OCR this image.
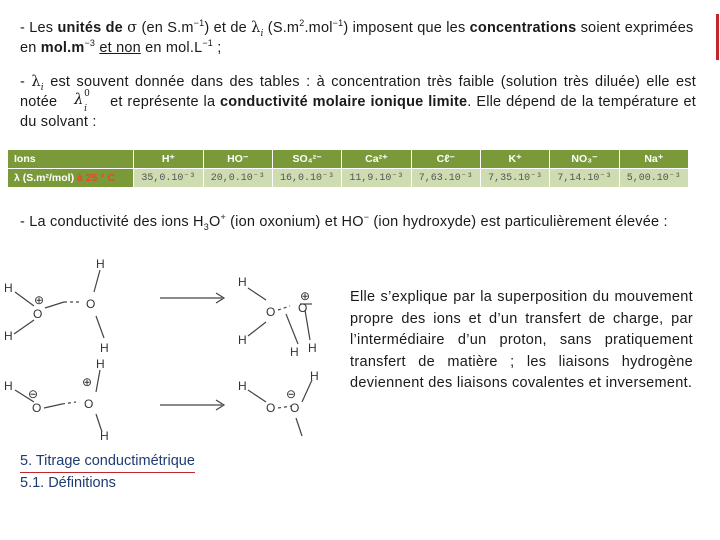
- Les unités de σ (en $S.m^{-1}$) et de $\lambda_i$ $(S.m^2.mol^{-1})$ imposent que les concentrations soient exprimées en $mol.m^{-3}$ et non en $mol.L^{-1}$ ;
- $\lambda_i$ est souvent donnée dans des tables : à concentration très faible (solution très diluée) elle est notée λ 0
i et représente la conductivité molaire ionique limite. Elle dépend de la température et du solvant :
Ions	H⁺	HO⁻	SO₄²⁻	Ca²⁺	Cℓ⁻	K⁺	NO₃⁻	Na⁺
λ (S.m²/mol) à 25 ° C	35,0.10⁻³	20,0.10⁻³	16,0.10⁻³	11,9.10⁻³	7,63.10⁻³	7,35.10⁻³	7,14.10⁻³	5,00.10⁻³
- La conductivité des ions $H_3O^+$ (ion oxonium) et HO− (ion hydroxyde) est particulièrement élevée :
H
O
⊕
H
O
H
H
H
O
H
O
⊕
H H
H
O
⊖
O
⊕
H
H
H
O O
⊖
H
Elle s’explique par la superposition du mouvement propre des ions et d’un transfert de charge, par l’intermédiaire d’un proton, sans pratiquement transfert de matière ; les liaisons hydrogène deviennent des liaisons covalentes et inversement.
5. Titrage conductimétrique
5.1. Définitions
